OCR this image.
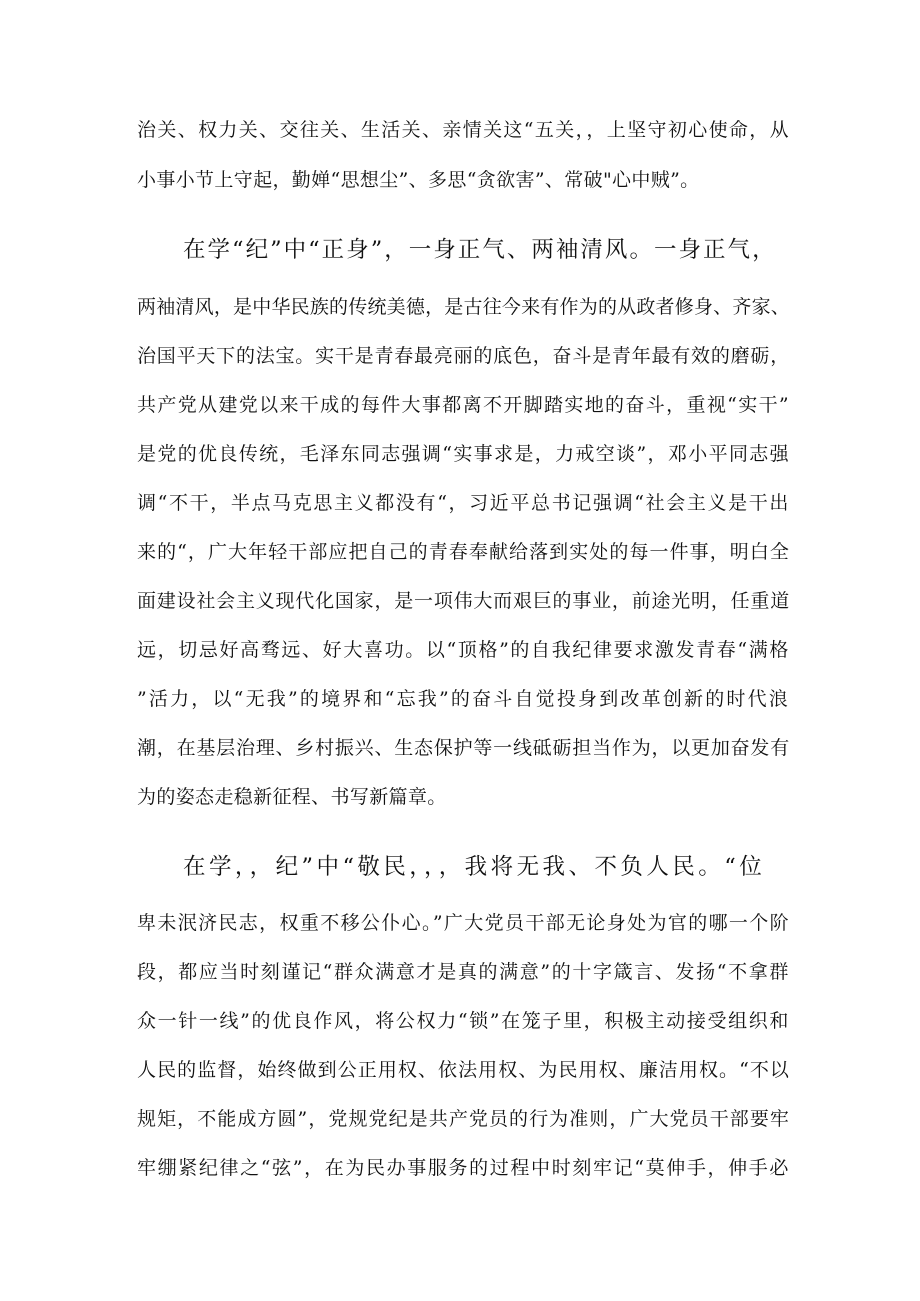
治关、权力关、交往关、生活关、亲情关这“五关，，上坚守初心使命，从
小事小节上守起，勤婵“思想尘”、多思“贪欲害”、常破"心中贼”。
在学“纪”中“正身”，一身正气、两袖清风。一身正气，
两袖清风，是中华民族的传统美德，是古往今来有作为的从政者修身、齐家、
治国平天下的法宝。实干是青春最亮丽的底色，奋斗是青年最有效的磨砺，
共产党从建党以来干成的每件大事都离不开脚踏实地的奋斗，重视“实干”
是党的优良传统，毛泽东同志强调“实事求是，力戒空谈”，邓小平同志强
调“不干，半点马克思主义都没有“，习近平总书记强调“社会主义是干出
来的“，广大年轻干部应把自己的青春奉献给落到实处的每一件事，明白全
面建设社会主义现代化国家，是一项伟大而艰巨的事业，前途光明，任重道
远，切忌好高骛远、好大喜功。以“顶格”的自我纪律要求激发青春“满格
”活力，以“无我”的境界和“忘我”的奋斗自觉投身到改革创新的时代浪
潮，在基层治理、乡村振兴、生态保护等一线砥砺担当作为，以更加奋发有
为的姿态走稳新征程、书写新篇章。
在学，，纪”中“敬民，，，我将无我、不负人民。“位
卑未泯济民志，权重不移公仆心。”广大党员干部无论身处为官的哪一个阶
段，都应当时刻谨记“群众满意才是真的满意”的十字箴言、发扬“不拿群
众一针一线”的优良作风，将公权力“锁”在笼子里，积极主动接受组织和
人民的监督，始终做到公正用权、依法用权、为民用权、廉洁用权。“不以
规矩，不能成方圆”，党规党纪是共产党员的行为准则，广大党员干部要牢
牢绷紧纪律之“弦”，在为民办事服务的过程中时刻牢记“莫伸手，伸手必
